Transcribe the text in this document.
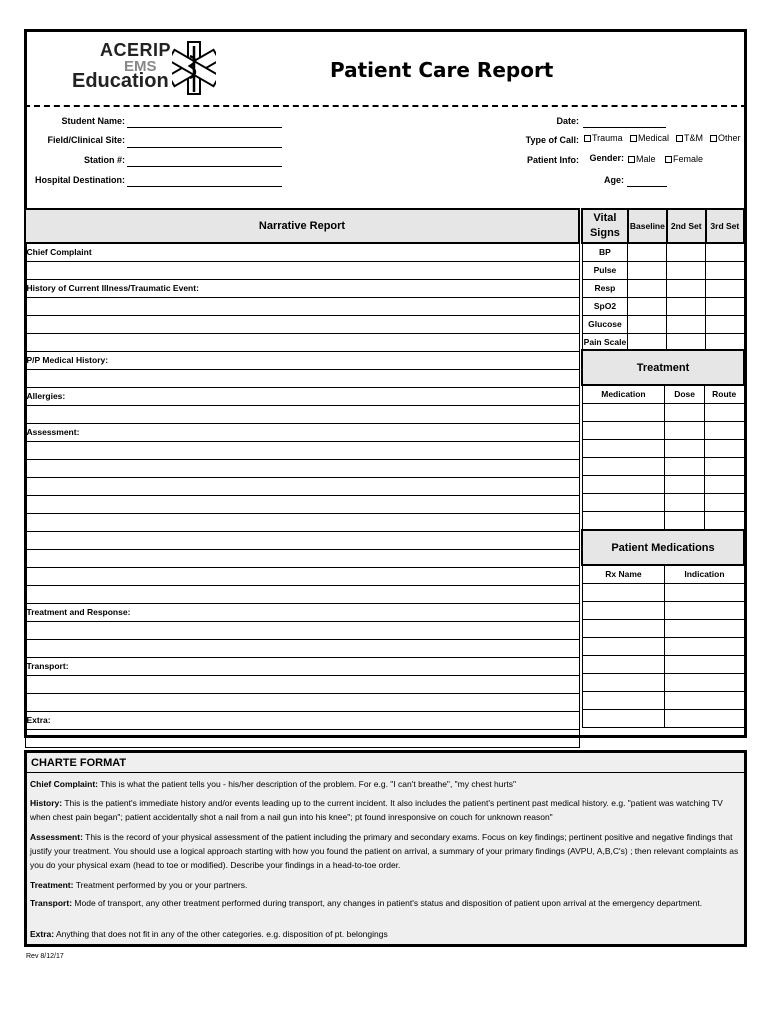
ACERIP
EMS
Education	Patient Care Report
Student Name:
Field/Clinical Site:
Station #:
Hospital Destination:
Date:
Type of Call:	Trauma	Medical	T&M	Other
Patient Info: Gender:	Male	Female
Age:
Narrative Report
Chief Complaint

History of Current Illness/Traumatic Event:

P/P Medical History:

Allergies:

Assessment:

Treatment and Response:

Transport:

Extra:

Vital
Signs	Baseline	2nd Set	3rd Set
BP			
Pulse			
Resp			
SpO2			
Glucose			
Pain Scale			
Treatment		
Medication	Dose	Route

Patient Medications	
Rx Name	Indication

CHARTE FORMAT
Chief Complaint: This is what the patient tells you - his/her description of the problem. For e.g. "I can't breathe", "my chest hurts"
History: This is the patient's immediate history and/or events leading up to the current incident. It also includes the patient's pertinent past medical history. e.g. "patient was watching TV when chest pain began"; patient accidentally shot a nail from a nail gun into his knee"; pt found inresponsive on couch for unknown reason"
Assessment: This is the record of your physical assessment of the patient including the primary and secondary exams. Focus on key findings; pertinent positive and negative findings that justify your treatment. You should use a logical approach starting with how you found the patient on arrival, a summary of your primary findings (AVPU, A,B,C's) ; then relevant complaints as you do your physical exam (head to toe or modified). Describe your findings in a head-to-toe order.
Treatment: Treatment performed by you or your partners.
Transport: Mode of transport, any other treatment performed during transport, any changes in patient's status and disposition of patient upon arrival at the emergency department.
Extra: Anything that does not fit in any of the other categories. e.g. disposition of pt. belongings
Rev 8/12/17
